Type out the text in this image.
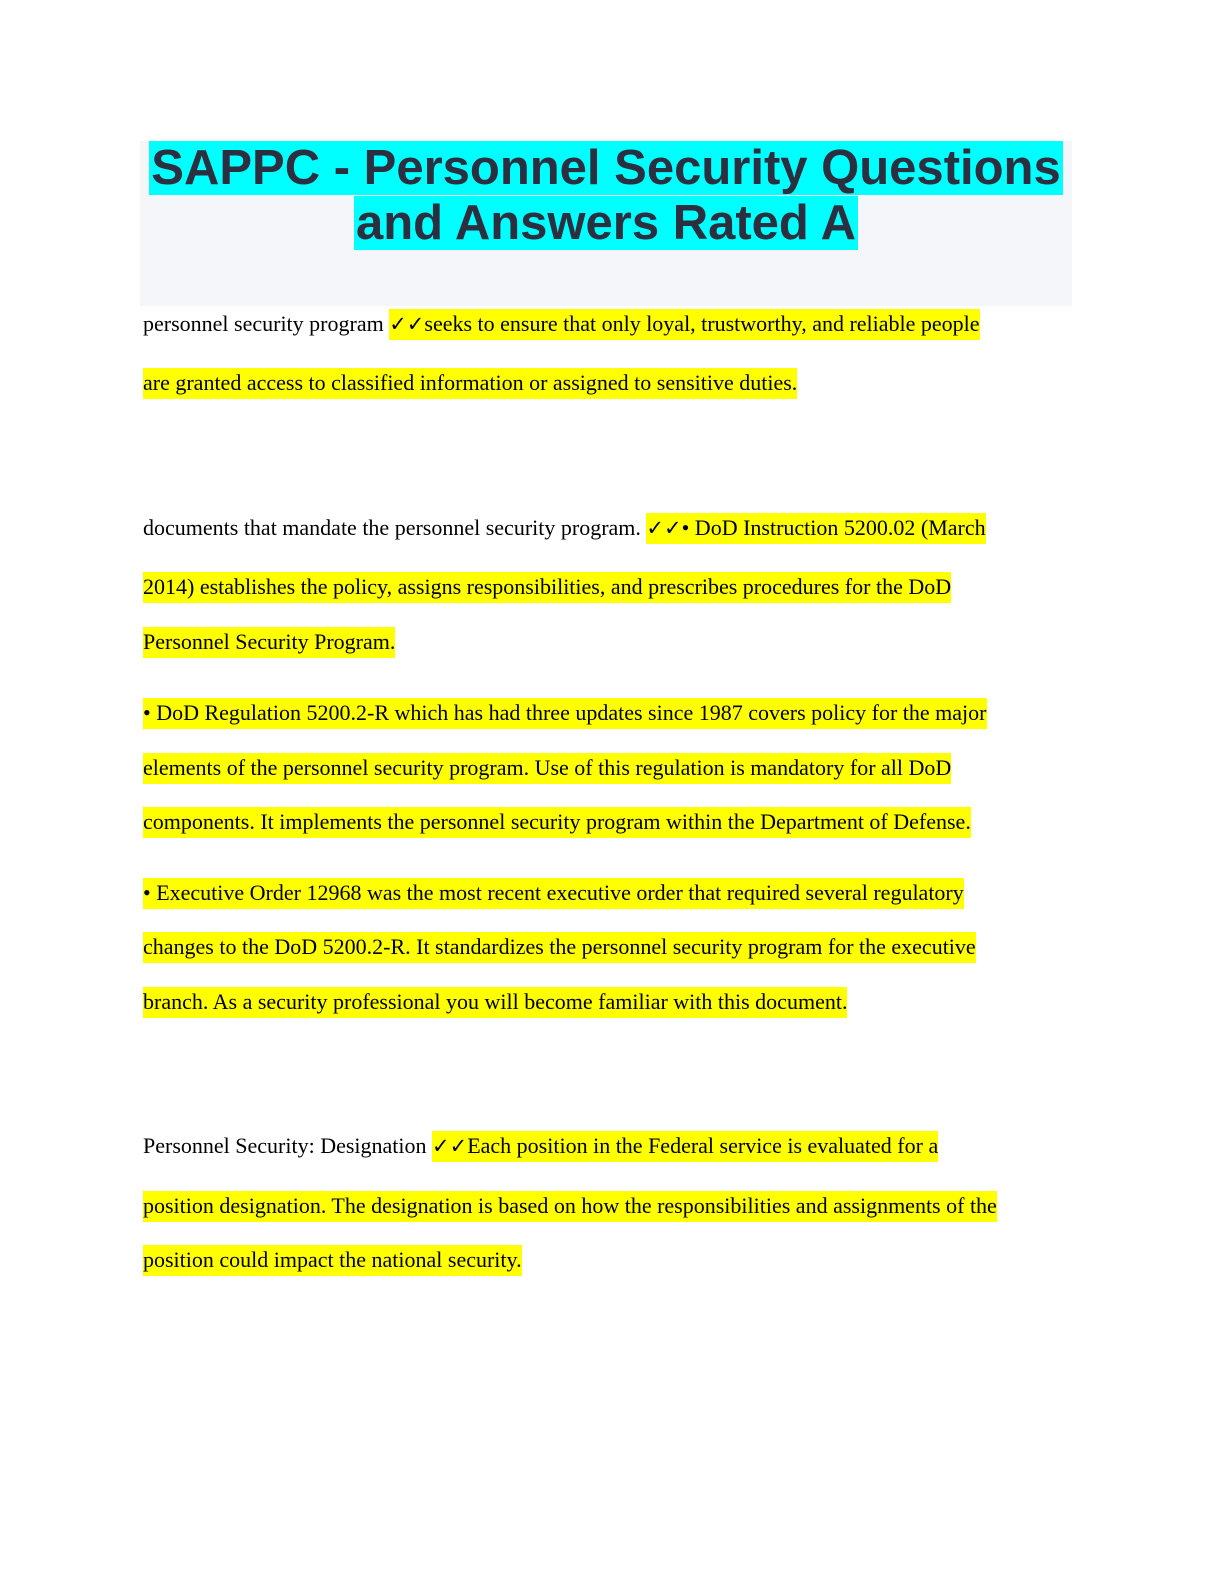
SAPPC - Personnel Security Questions
and Answers Rated A
personnel security program ✓✓seeks to ensure that only loyal, trustworthy, and reliable people
are granted access to classified information or assigned to sensitive duties.
documents that mandate the personnel security program. ✓✓• DoD Instruction 5200.02 (March
2014) establishes the policy, assigns responsibilities, and prescribes procedures for the DoD
Personnel Security Program.
• DoD Regulation 5200.2-R which has had three updates since 1987 covers policy for the major
elements of the personnel security program. Use of this regulation is mandatory for all DoD
components. It implements the personnel security program within the Department of Defense.
• Executive Order 12968 was the most recent executive order that required several regulatory
changes to the DoD 5200.2-R. It standardizes the personnel security program for the executive
branch. As a security professional you will become familiar with this document.
Personnel Security: Designation ✓✓Each position in the Federal service is evaluated for a
position designation. The designation is based on how the responsibilities and assignments of the
position could impact the national security.
